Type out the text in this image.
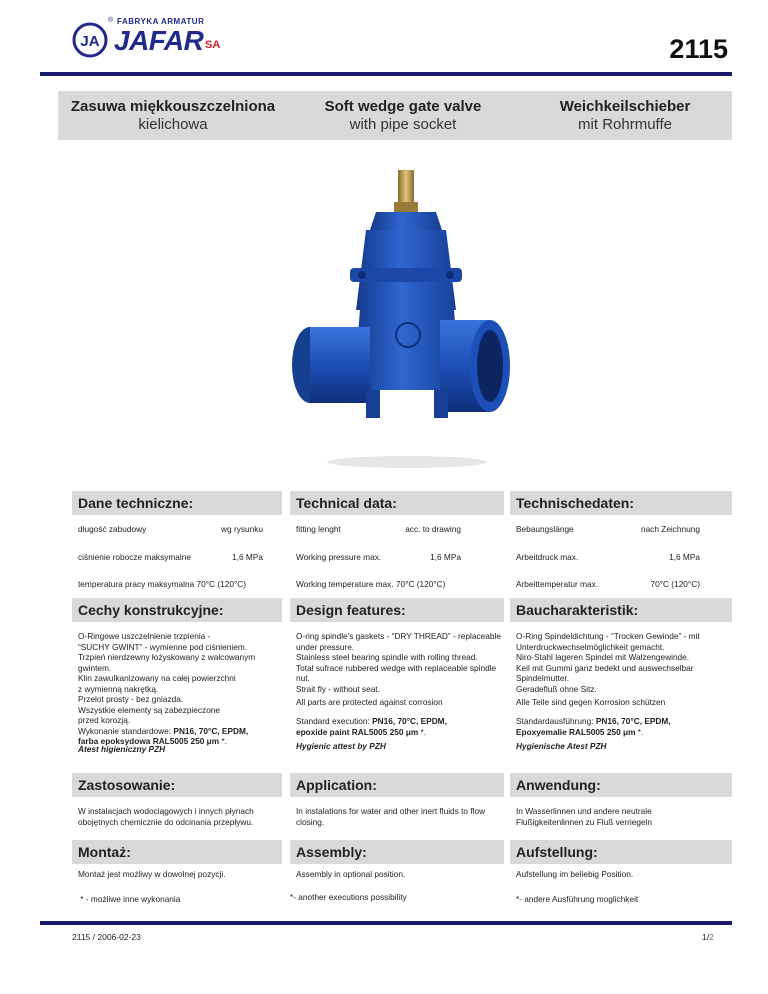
JA
® FABRYKA ARMATUR
JAFAR SA	2115
Zasuwa miękkouszczelniona
kielichowa
Soft wedge gate valve
with pipe socket
Weichkeilschieber
mit Rohrmuffe
Dane techniczne:	Technical data:	Technischedaten:
długość zabudowy	wg rysunku
ciśnienie robocze maksymalne	1,6 MPa
temperatura pracy maksymalna 70°C (120°C)
fitting lenght	acc. to drawing
Working pressure max.	1,6 MPa
Working temperature max. 70°C (120°C)
Bebaungslänge	nach Zeichnung
Arbeitdruck max.	1,6 MPa
Arbeittemperatur max.	70°C (120°C)
Cechy konstrukcyjne:	Design features:	Baucharakteristik:
O-Ringowe uszczelnienie trzpienia -
“SUCHY GWINT” - wymienne pod ciśnieniem.
Trzpień nierdzewny łożyskowany z walcowanym gwintem.
Klin zawulkanizowany na całej powierzchni
z wymienną nakrętką.
Przelot prosty - bez gniazda.
Wszystkie elementy są zabezpieczone
przed korozją.
Wykonanie standardowe: PN16, 70°C, EPDM,
farba epoksydowa RAL5005 250 μm *.
O-ring spindle's gaskets - “DRY THREAD” - replaceable under pressure.
Stainless steel bearing spindle with rolling thread.
Total sufrace rubbered wedge with replaceable spindle nut.
Strait fly - without seat.
All parts are protected against corrosion
Standard execution: PN16, 70°C, EPDM,
epoxide paint RAL5005 250 μm *.
O-Ring Spindeldichtung - “Trocken Gewinde” - mit Unterdruckwechselmöglichkeit gemacht.
Niro-Stahl lageren Spindel mit Walzengewinde.
Keil mit Gummi ganz bedekt und auswechselbar Spindelmutter.
Geradefluß ohne Sitz.
Alle Teile sind gegen Korrosion schützen
Standardausführung: PN16, 70°C, EPDM,
Epoxyemalie RAL5005 250 μm *.
Atest higieniczny PZH	Hygienic attest by PZH	Hygienische Atest PZH
Zastosowanie:	Application:	Anwendung:
W instalacjach wodociągowych i innych płynach obojętnych chemicznie do odcinania przepływu.
In instalations for water and other inert fluids to flow closing.
In Wasserlinnen und andere neutrale Flußigkeitenlinnen zu Fluß verriegeln
Montaż:	Assembly:	Aufstellung:
Montaż jest możliwy w dowolnej pozycji.	Assembly in optional position.	Aufstellung im beliebig Position.
* - możliwe inne wykonania	*- another executions possibility	*- andere Ausführung moglichkeit
2115 / 2006-02-23	1/2
